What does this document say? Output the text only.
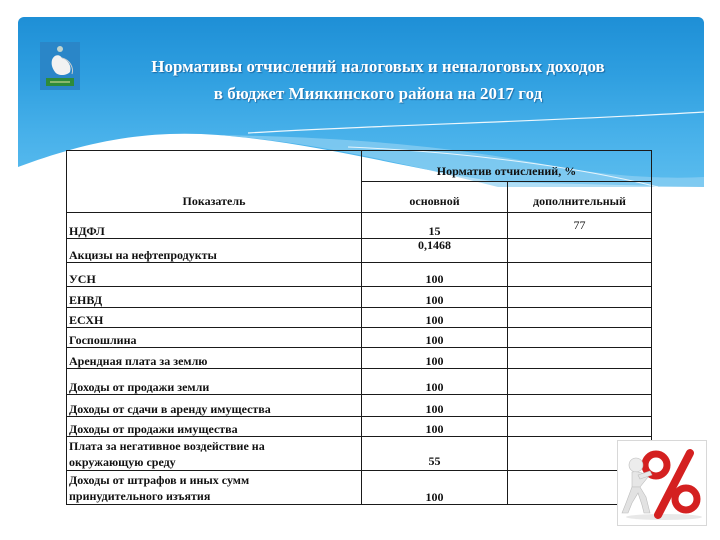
Нормативы отчислений налоговых и неналоговых доходов
в бюджет Миякинского района на 2017 год
Показатель	Норматив отчислений, %	
	основной	дополнительный
НДФЛ	15	77
Акцизы на нефтепродукты	0,1468	
УСН	100	
ЕНВД	100	
ЕСХН	100	
Госпошлина	100	
Арендная плата за землю	100	
Доходы от продажи земли	100	
Доходы от сдачи в аренду имущества	100	
Доходы от продажи имущества	100	
Плата за негативное воздействие на окружающую среду	55	
Доходы от штрафов и иных сумм принудительного изъятия	100	
